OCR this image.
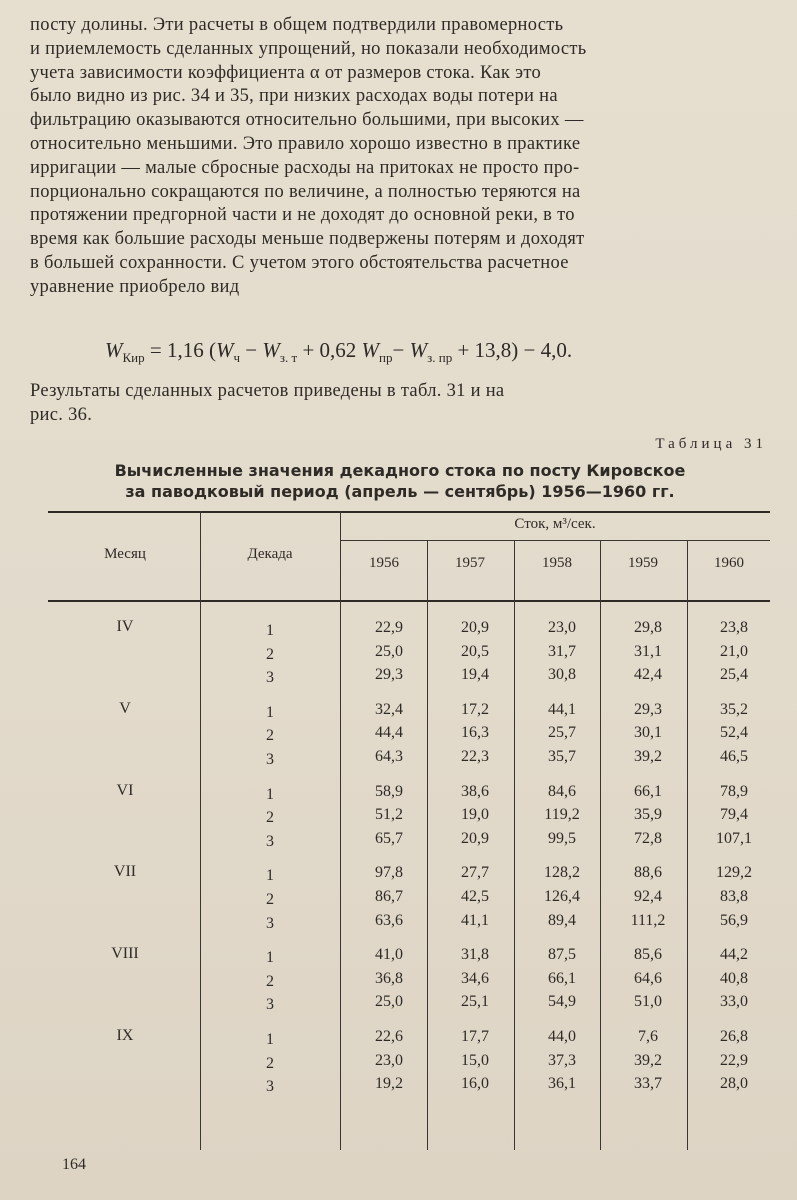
посту долины. Эти расчеты в общем подтвердили правомерность
и приемлемость сделанных упрощений, но показали необходимость
учета зависимости коэффициента α от размеров стока. Как это
было видно из рис. 34 и 35, при низких расходах воды потери на
фильтрацию оказываются относительно большими, при высоких —
относительно меньшими. Это правило хорошо известно в практике
ирригации — малые сбросные расходы на притоках не просто про-
порционально сокращаются по величине, а полностью теряются на
протяжении предгорной части и не доходят до основной реки, в то
время как большие расходы меньше подвержены потерям и доходят
в большей сохранности. С учетом этого обстоятельства расчетное
уравнение приобрело вид
$W_{Кир} = 1,16$ ($W_ч - W_{з. т} + 0,62$ $W_{пр}- W_{з. пр} + 13,8) - 4,0$.
Результаты сделанных расчетов приведены в табл. 31 и на
рис. 36.
Таблица 31
Вычисленные значения декадного стока по посту Кировское
за паводковый период (апрель — сентябрь) 1956—1960 гг.
Месяц	Декада
Сток, м³/сек.
1956	1957	1958	1959	1960
IV	1	22,9	20,9	23,0	29,8	23,8
2	25,0	20,5	31,7	31,1	21,0
3	29,3	19,4	30,8	42,4	25,4
V	1	32,4	17,2	44,1	29,3	35,2
2	44,4	16,3	25,7	30,1	52,4
3	64,3	22,3	35,7	39,2	46,5
VI	1	58,9	38,6	84,6	66,1	78,9
2	51,2	19,0	119,2	35,9	79,4
3	65,7	20,9	99,5	72,8	107,1
VII	1	97,8	27,7	128,2	88,6	129,2
2	86,7	42,5	126,4	92,4	83,8
3	63,6	41,1	89,4	111,2	56,9
VIII	1	41,0	31,8	87,5	85,6	44,2
2	36,8	34,6	66,1	64,6	40,8
3	25,0	25,1	54,9	51,0	33,0
IX	1	22,6	17,7	44,0	7,6	26,8
2	23,0	15,0	37,3	39,2	22,9
3	19,2	16,0	36,1	33,7	28,0
164
